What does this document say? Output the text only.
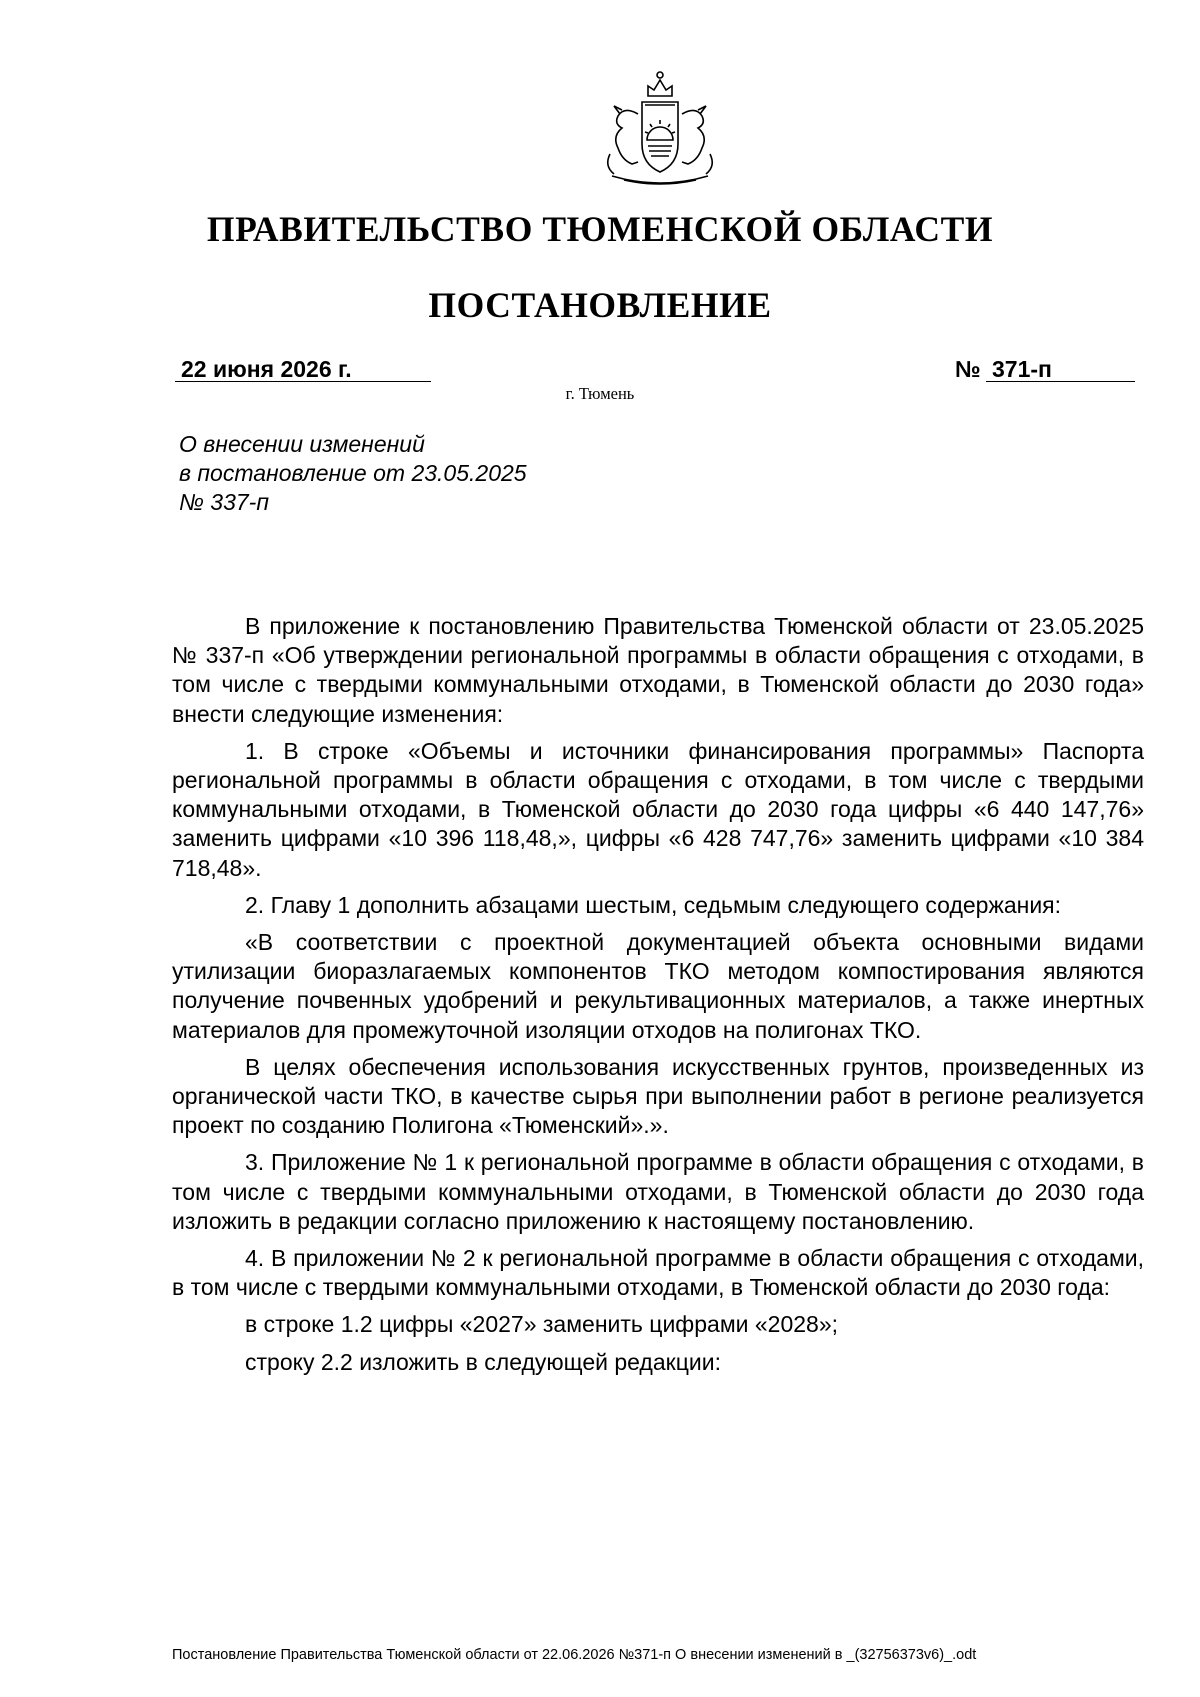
ПРАВИТЕЛЬСТВО ТЮМЕНСКОЙ ОБЛАСТИ
ПОСТАНОВЛЕНИЕ
22 июня 2026 г.	№ 371-п
г. Тюмень
О внесении изменений
в постановление от 23.05.2025
№ 337-п

В приложение к постановлению Правительства Тюменской области от 23.05.2025 № 337-п «Об утверждении региональной программы в области обращения с отходами, в том числе с твердыми коммунальными отходами, в Тюменской области до 2030 года» внести следующие изменения:

1. В строке «Объемы и источники финансирования программы» Паспорта региональной программы в области обращения с отходами, в том числе с твердыми коммунальными отходами, в Тюменской области до 2030 года цифры «6 440 147,76» заменить цифрами «10 396 118,48,», цифры «6 428 747,76» заменить цифрами «10 384 718,48».

2. Главу 1 дополнить абзацами шестым, седьмым следующего содержания:

«В соответствии с проектной документацией объекта основными видами утилизации биоразлагаемых компонентов ТКО методом компостирования являются получение почвенных удобрений и рекультивационных материалов, а также инертных материалов для промежуточной изоляции отходов на полигонах ТКО.

В целях обеспечения использования искусственных грунтов, произведенных из органической части ТКО, в качестве сырья при выполнении работ в регионе реализуется проект по созданию Полигона «Тюменский».».

3. Приложение № 1 к региональной программе в области обращения с отходами, в том числе с твердыми коммунальными отходами, в Тюменской области до 2030 года изложить в редакции согласно приложению к настоящему постановлению.

4. В приложении № 2 к региональной программе в области обращения с отходами, в том числе с твердыми коммунальными отходами, в Тюменской области до 2030 года:

в строке 1.2 цифры «2027» заменить цифрами «2028»;

строку 2.2 изложить в следующей редакции:

Постановление Правительства Тюменской области от 22.06.2026 №371-п О внесении изменений в _(32756373v6)_.odt
